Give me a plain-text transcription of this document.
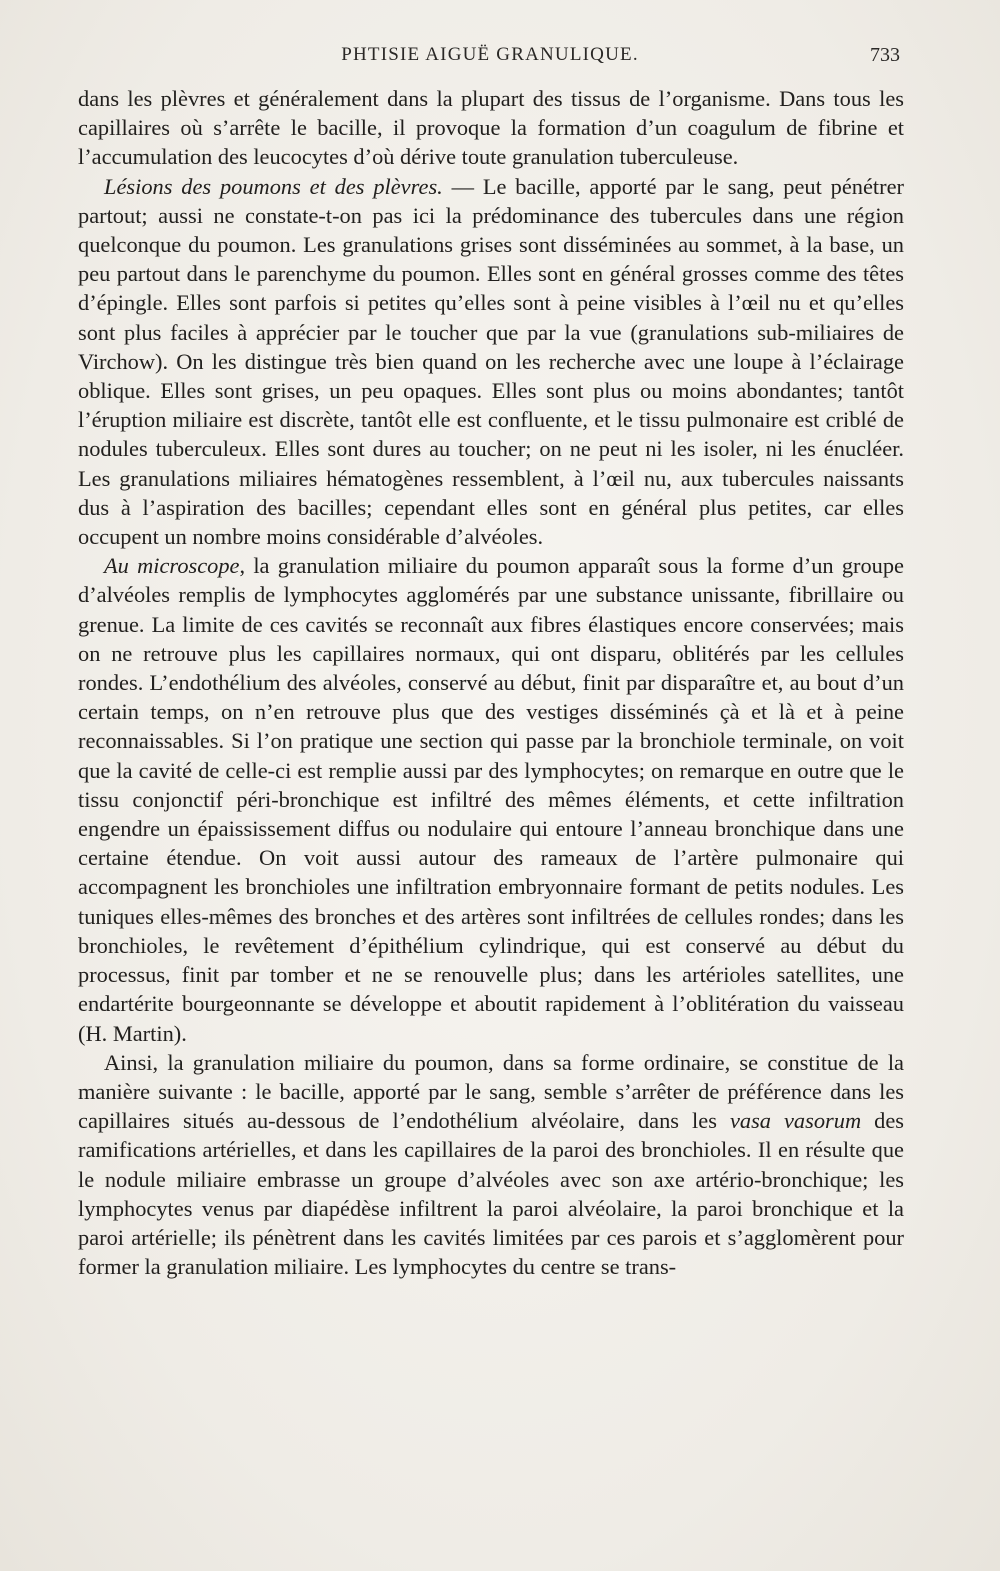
PHTISIE AIGUË GRANULIQUE.	733

dans les plèvres et généralement dans la plupart des tissus de l’organisme. Dans tous les capillaires où s’arrête le bacille, il provoque la formation d’un coagulum de fibrine et l’accumulation des leucocytes d’où dérive toute granulation tuberculeuse.

Lésions des poumons et des plèvres. — Le bacille, apporté par le sang, peut pénétrer partout; aussi ne constate-t-on pas ici la prédominance des tubercules dans une région quelconque du poumon. Les granulations grises sont disséminées au sommet, à la base, un peu partout dans le parenchyme du poumon. Elles sont en général grosses comme des têtes d’épingle. Elles sont parfois si petites qu’elles sont à peine visibles à l’œil nu et qu’elles sont plus faciles à apprécier par le toucher que par la vue (granulations sub-miliaires de Virchow). On les distingue très bien quand on les recherche avec une loupe à l’éclairage oblique. Elles sont grises, un peu opaques. Elles sont plus ou moins abondantes; tantôt l’éruption miliaire est discrète, tantôt elle est confluente, et le tissu pulmonaire est criblé de nodules tuberculeux. Elles sont dures au toucher; on ne peut ni les isoler, ni les énucléer. Les granulations miliaires hématogènes ressemblent, à l’œil nu, aux tubercules naissants dus à l’aspiration des bacilles; cependant elles sont en général plus petites, car elles occupent un nombre moins considérable d’alvéoles.

Au microscope, la granulation miliaire du poumon apparaît sous la forme d’un groupe d’alvéoles remplis de lymphocytes agglomérés par une substance unissante, fibrillaire ou grenue. La limite de ces cavités se reconnaît aux fibres élastiques encore conservées; mais on ne retrouve plus les capillaires normaux, qui ont disparu, oblitérés par les cellules rondes. L’endothélium des alvéoles, conservé au début, finit par disparaître et, au bout d’un certain temps, on n’en retrouve plus que des vestiges disséminés çà et là et à peine reconnaissables. Si l’on pratique une section qui passe par la bronchiole terminale, on voit que la cavité de celle-ci est remplie aussi par des lymphocytes; on remarque en outre que le tissu conjonctif péri-bronchique est infiltré des mêmes éléments, et cette infiltration engendre un épaississement diffus ou nodulaire qui entoure l’anneau bronchique dans une certaine étendue. On voit aussi autour des rameaux de l’artère pulmonaire qui accompagnent les bronchioles une infiltration embryonnaire formant de petits nodules. Les tuniques elles-mêmes des bronches et des artères sont infiltrées de cellules rondes; dans les bronchioles, le revêtement d’épithélium cylindrique, qui est conservé au début du processus, finit par tomber et ne se renouvelle plus; dans les artérioles satellites, une endartérite bourgeonnante se développe et aboutit rapidement à l’oblitération du vaisseau (H. Martin).

Ainsi, la granulation miliaire du poumon, dans sa forme ordinaire, se constitue de la manière suivante : le bacille, apporté par le sang, semble s’arrêter de préférence dans les capillaires situés au-dessous de l’endothélium alvéolaire, dans les vasa vasorum des ramifications artérielles, et dans les capillaires de la paroi des bronchioles. Il en résulte que le nodule miliaire embrasse un groupe d’alvéoles avec son axe artério-bronchique; les lymphocytes venus par diapédèse infiltrent la paroi alvéolaire, la paroi bronchique et la paroi artérielle; ils pénètrent dans les cavités limitées par ces parois et s’agglomèrent pour former la granulation miliaire. Les lymphocytes du centre se trans-
